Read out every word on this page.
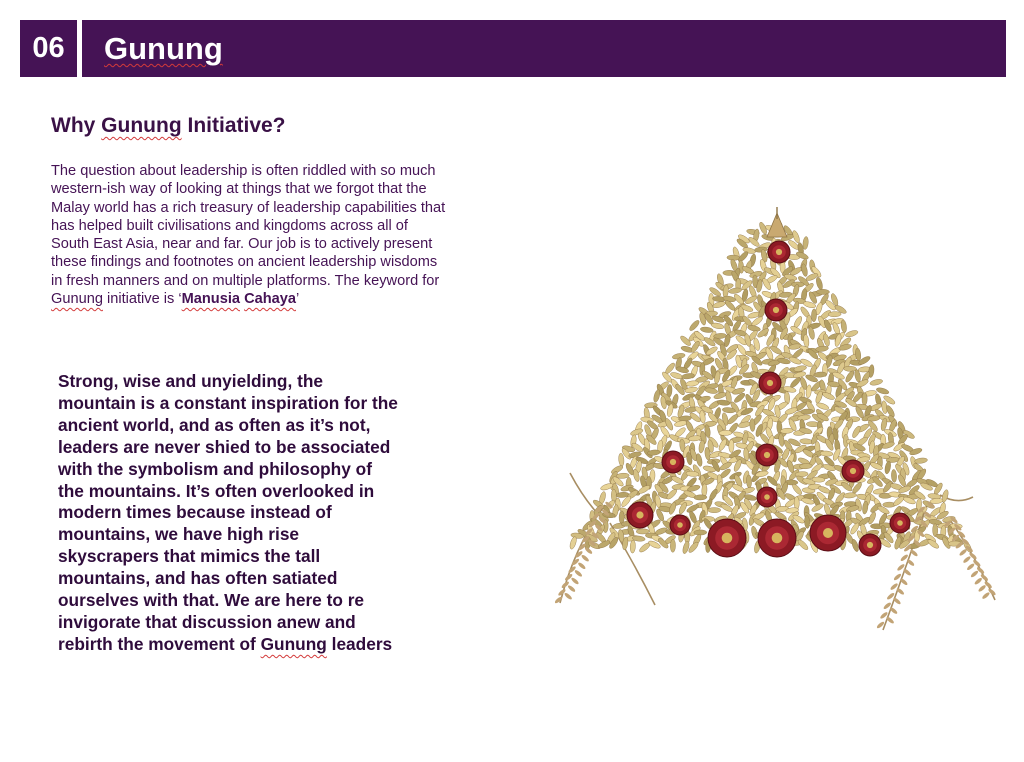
06	Gunung
Why Gunung Initiative?

The question about leadership is often riddled with so much western-ish way of looking at things that we forgot that the Malay world has a rich treasury of leadership capabilities that has helped built civilisations and kingdoms across all of South East Asia, near and far. Our job is to actively present these findings and footnotes on ancient leadership wisdoms in fresh manners and on multiple platforms. The keyword for Gunung initiative is ‘Manusia Cahaya’

Strong, wise and unyielding, the mountain is a constant inspiration for the ancient world, and as often as it’s not, leaders are never shied to be associated with the symbolism and philosophy of the mountains. It’s often overlooked in modern times because instead of mountains, we have high rise skyscrapers that mimics the tall mountains, and has often satiated ourselves with that. We are here to re invigorate that discussion anew and rebirth the movement of Gunung leaders
